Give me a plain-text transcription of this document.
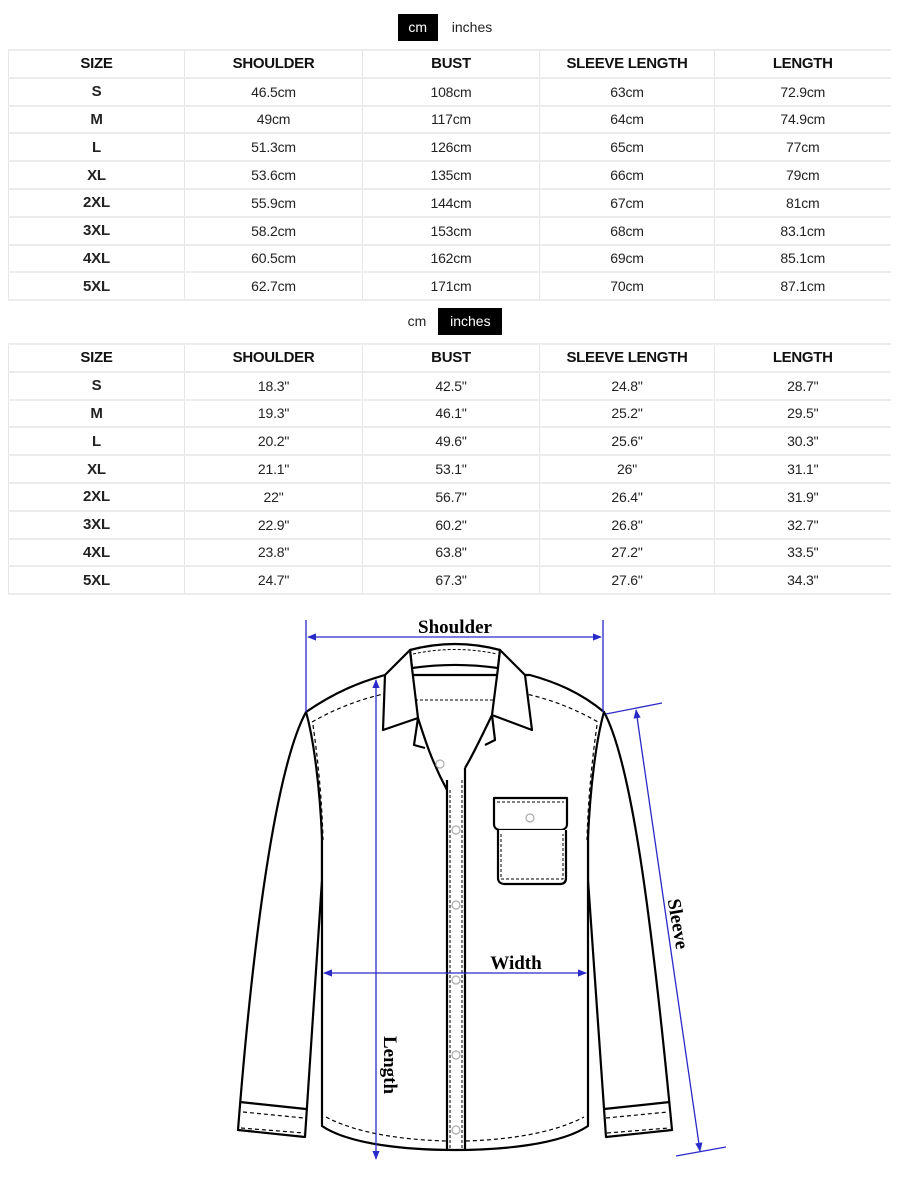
cm	inches
SIZE	SHOULDER	BUST	SLEEVE LENGTH	LENGTH
S	46.5cm	108cm	63cm	72.9cm
M	49cm	117cm	64cm	74.9cm
L	51.3cm	126cm	65cm	77cm
XL	53.6cm	135cm	66cm	79cm
2XL	55.9cm	144cm	67cm	81cm
3XL	58.2cm	153cm	68cm	83.1cm
4XL	60.5cm	162cm	69cm	85.1cm
5XL	62.7cm	171cm	70cm	87.1cm
cm	inches
SIZE	SHOULDER	BUST	SLEEVE LENGTH	LENGTH
S	18.3"	42.5"	24.8"	28.7"
M	19.3"	46.1"	25.2"	29.5"
L	20.2"	49.6"	25.6"	30.3"
XL	21.1"	53.1"	26"	31.1"
2XL	22"	56.7"	26.4"	31.9"
3XL	22.9"	60.2"	26.8"	32.7"
4XL	23.8"	63.8"	27.2"	33.5"
5XL	24.7"	67.3"	27.6"	34.3"
Shoulder
Width
Length
Sleeve
